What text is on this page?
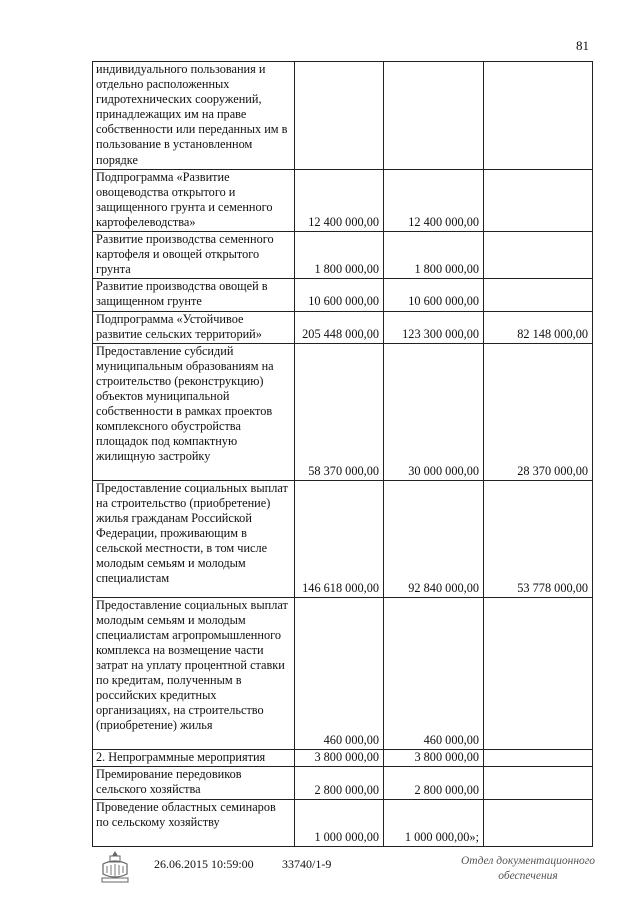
81
индивидуального пользования и отдельно расположенных гидротехнических сооружений, принадлежащих им на праве собственности или переданных им в пользование в установленном порядке			
Подпрограмма «Развитие овощеводства открытого и защищенного грунта и семенного картофелеводства»	12 400 000,00	12 400 000,00	
Развитие производства семенного картофеля и овощей открытого грунта	1 800 000,00	1 800 000,00	
Развитие производства овощей в защищенном грунте	10 600 000,00	10 600 000,00	
Подпрограмма «Устойчивое развитие сельских территорий»	205 448 000,00	123 300 000,00	82 148 000,00
Предоставление субсидий муниципальным образованиям на строительство (реконструкцию) объектов муниципальной собственности в рамках проектов комплексного обустройства площадок под компактную жилищную застройку	58 370 000,00	30 000 000,00	28 370 000,00
Предоставление социальных выплат на строительство (приобретение) жилья гражданам Российской Федерации, проживающим в сельской местности, в том числе молодым семьям и молодым специалистам	146 618 000,00	92 840 000,00	53 778 000,00
Предоставление социальных выплат молодым семьям и молодым специалистам агропромышленного комплекса на возмещение части затрат на уплату процентной ставки по кредитам, полученным в российских кредитных организациях, на строительство (приобретение) жилья	460 000,00	460 000,00	
2. Непрограммные мероприятия	3 800 000,00	3 800 000,00	
Премирование передовиков сельского хозяйства	2 800 000,00	2 800 000,00	
Проведение областных семинаров по сельскому хозяйству	1 000 000,00	1 000 000,00»;	
26.06.2015 10:59:00 33740/1-9	Отдел документационного обеспечения
